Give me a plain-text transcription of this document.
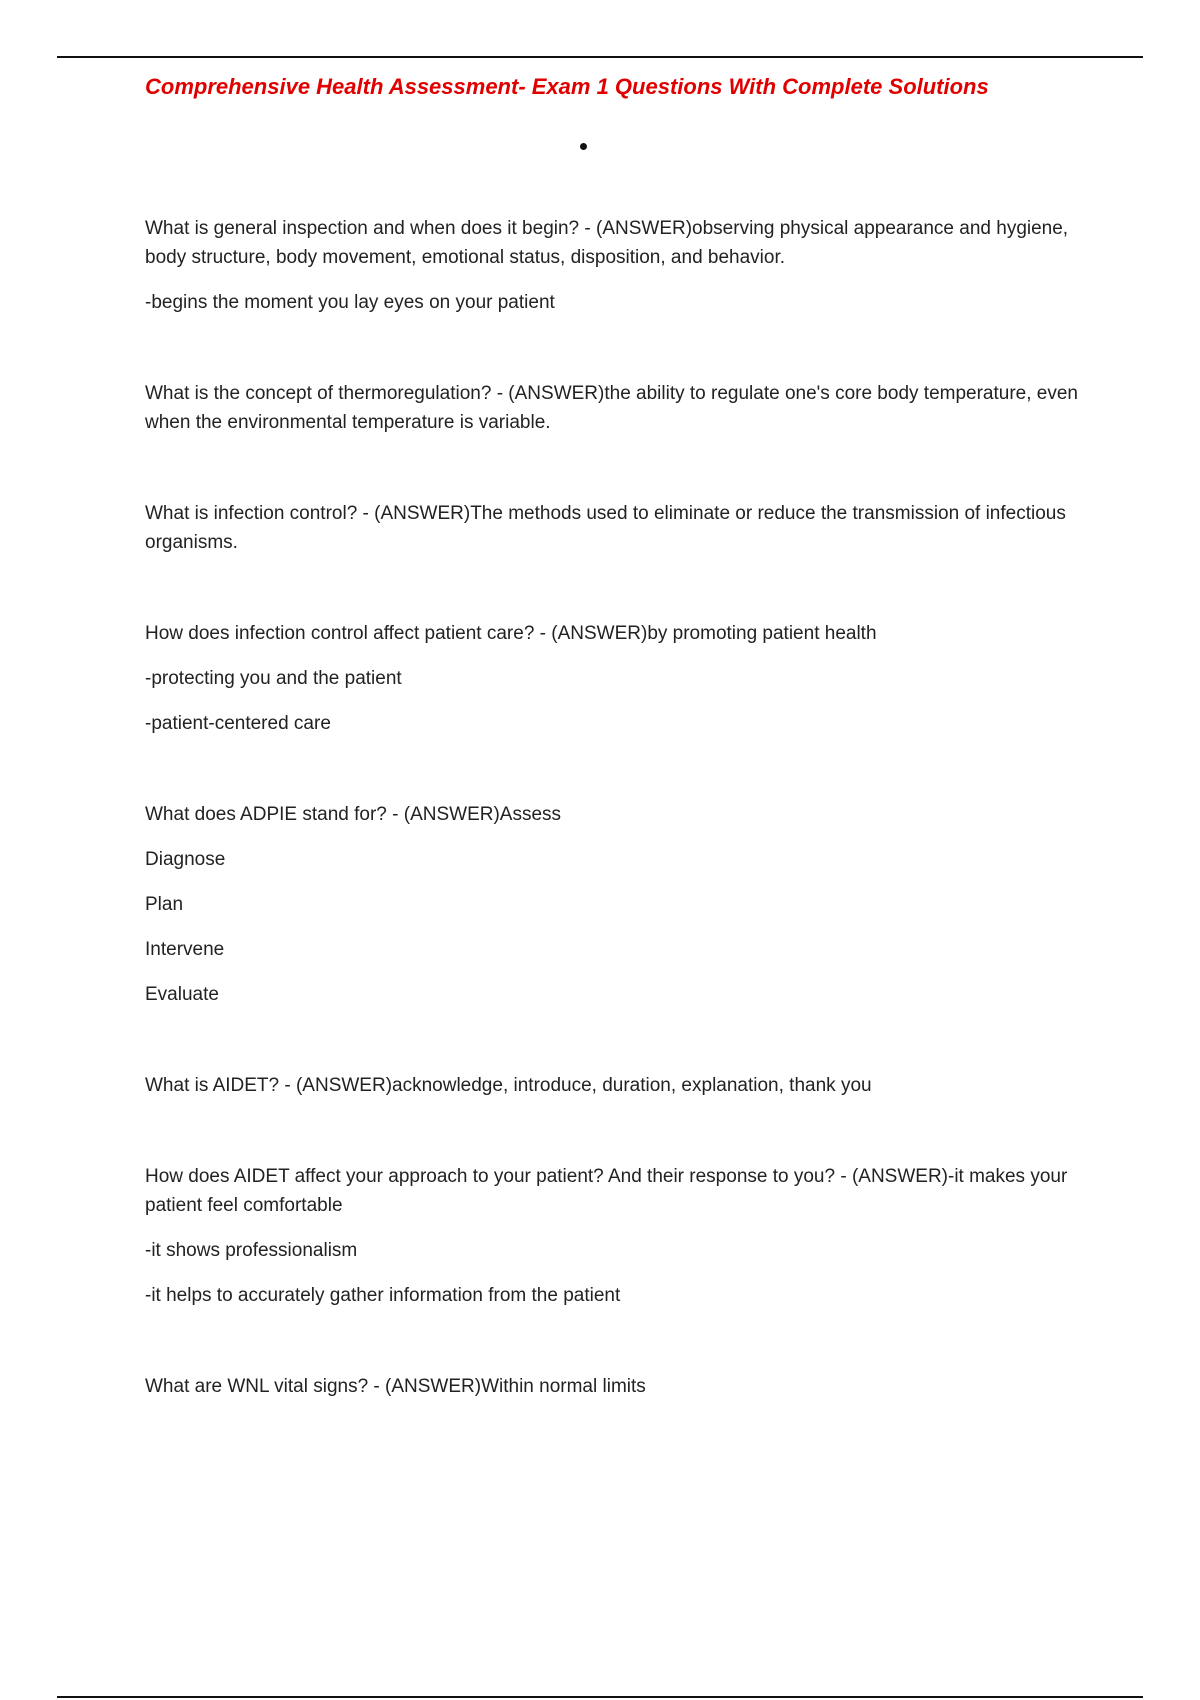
Comprehensive Health Assessment- Exam 1 Questions With Complete Solutions

What is general inspection and when does it begin? - (ANSWER)observing physical appearance and hygiene, body structure, body movement, emotional status, disposition, and behavior.

-begins the moment you lay eyes on your patient

What is the concept of thermoregulation? - (ANSWER)the ability to regulate one's core body temperature, even when the environmental temperature is variable.

What is infection control? - (ANSWER)The methods used to eliminate or reduce the transmission of infectious organisms.

How does infection control affect patient care? - (ANSWER)by promoting patient health

-protecting you and the patient

-patient-centered care

What does ADPIE stand for? - (ANSWER)Assess

Diagnose

Plan

Intervene

Evaluate

What is AIDET? - (ANSWER)acknowledge, introduce, duration, explanation, thank you

How does AIDET affect your approach to your patient? And their response to you? - (ANSWER)-it makes your patient feel comfortable

-it shows professionalism

-it helps to accurately gather information from the patient

What are WNL vital signs? - (ANSWER)Within normal limits
